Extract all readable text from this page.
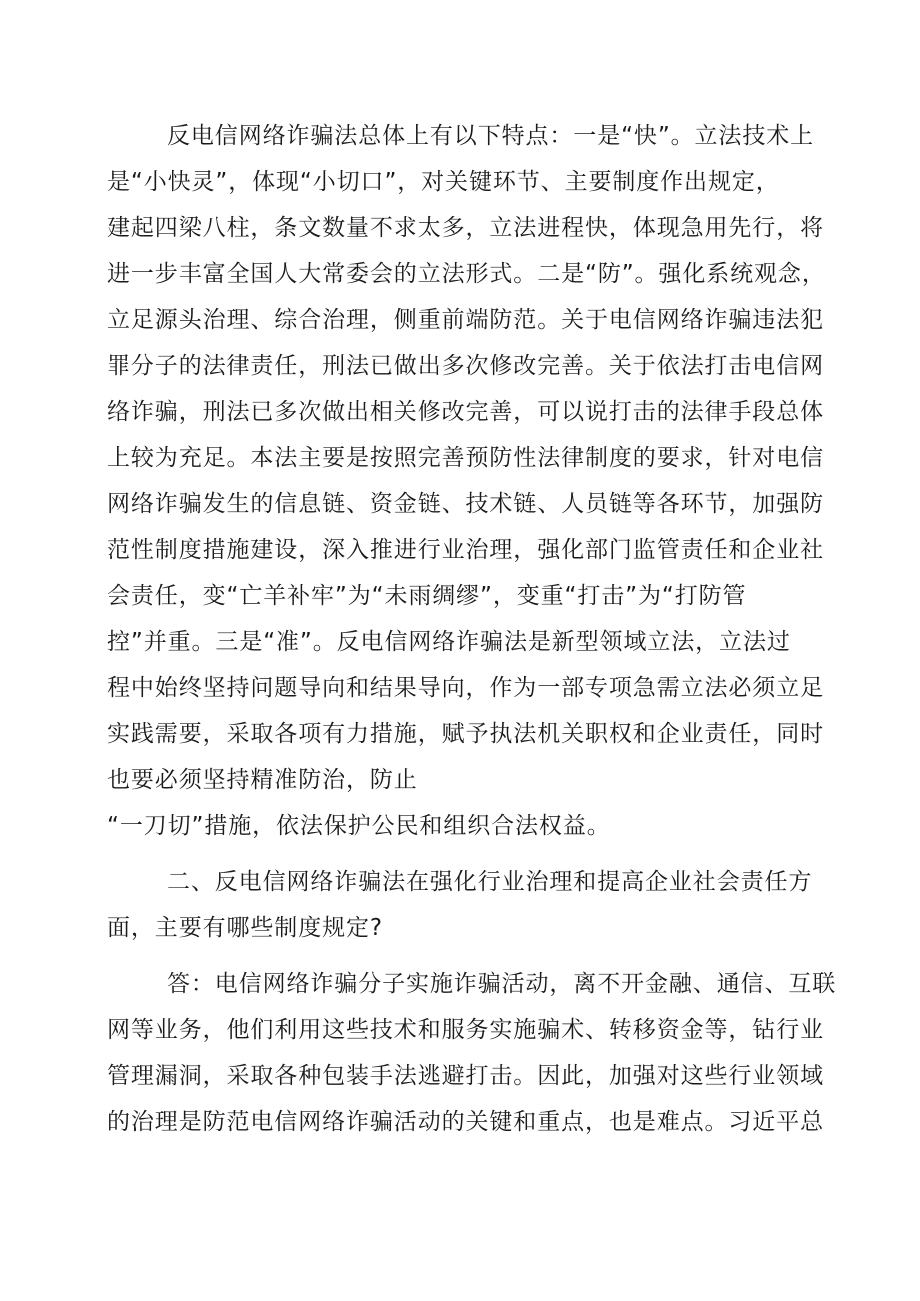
反电信网络诈骗法总体上有以下特点：一是“快”。立法技术上
是“小快灵”，体现“小切口”，对关键环节、主要制度作出规定，
建起四梁八柱，条文数量不求太多，立法进程快，体现急用先行，将
进一步丰富全国人大常委会的立法形式。二是“防”。强化系统观念，
立足源头治理、综合治理，侧重前端防范。关于电信网络诈骗违法犯
罪分子的法律责任，刑法已做出多次修改完善。关于依法打击电信网
络诈骗，刑法已多次做出相关修改完善，可以说打击的法律手段总体
上较为充足。本法主要是按照完善预防性法律制度的要求，针对电信
网络诈骗发生的信息链、资金链、技术链、人员链等各环节，加强防
范性制度措施建设，深入推进行业治理，强化部门监管责任和企业社
会责任，变“亡羊补牢”为“未雨绸缪”，变重“打击”为“打防管
控”并重。三是“准”。反电信网络诈骗法是新型领域立法，立法过
程中始终坚持问题导向和结果导向，作为一部专项急需立法必须立足
实践需要，采取各项有力措施，赋予执法机关职权和企业责任，同时
也要必须坚持精准防治，防止
“一刀切”措施，依法保护公民和组织合法权益。
二、反电信网络诈骗法在强化行业治理和提高企业社会责任方
面，主要有哪些制度规定?
答：电信网络诈骗分子实施诈骗活动，离不开金融、通信、互联
网等业务，他们利用这些技术和服务实施骗术、转移资金等，钻行业
管理漏洞，采取各种包装手法逃避打击。因此，加强对这些行业领域
的治理是防范电信网络诈骗活动的关键和重点，也是难点。习近平总
